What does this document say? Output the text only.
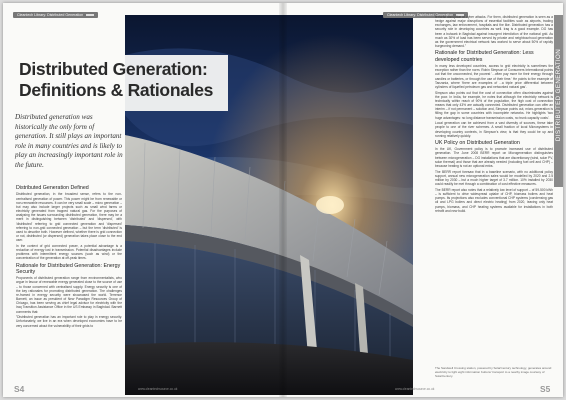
Cleantech Library: Distributed Generation	Cleantech Library: Distributed Generation
Distributed Generation: Definitions & Rationales

Distributed generation was historically the only form of generation. It still plays an important role in many countries and is likely to play an increasingly important role in the future.

Distributed Generation Defined

Distributed generation, in the broadest sense, refers to the non-centralised generation of power. This power might be from renewable or non-renewable resources. It can be very small scale – micro generation – but may also include larger projects such as small wind farms or electricity generated from trapped natural gas. For the purposes of analysing the issues surrounding distributed generation, there may be a merit in distinguishing between 'distributed' and 'dispersed', with 'distributed' referring to grid connected generation and 'dispersed' referring to non-grid connected generation – but the term 'distributed' is used to describe both. However defined, whether there is grid connection or not, distributed (or dispersed) generation takes place close to the end user.

In the context of grid connected power, a potential advantage is a reduction of energy lost in transmission. Potential disadvantages include problems with intermittent energy sources (such as wind) or the concentration of the generation at off-peak times.

Rationale for Distributed Generation: Energy Security

Proponents of distributed generation range from environmentalists, who argue in favour of renewable energy generated close to the source of use – to those concerned with centralised supply. Energy security is one of the key rationales for promoting distributed generation. The challenges re-framed in energy security were showcased the world. Terrence Barnett, an issue as president of New Paradigm Resources Group of Chicago, has been serving as chief legal advisor for electricity with the Iraq Transition Assistance Office in the US Embassy in Baghdad. Barnett comments that:

"Distributed generation has an important role to play in energy security. Unfortunately, we live in an era when developed economies have to be very concerned about the vulnerability of their grids to

terrorist disruption or cyber attacks. For them, distributed generation is seen as a hedge against major disruptions of essential facilities such as airports, trading exchanges, law enforcement, hospitals and the like. Distributed generation has a security role in developing countries as well. Iraq is a good example. DG has been a bulwark in Baghdad against insurgent interdiction of the national grid. As much as 30% of load has been served by private and neighbourhood generation as the government electrical network has worked to serve about 50% of rapidly burgeoning demand."

Rationale for Distributed Generation: Less developed countries

In many less developed countries, access to grid electricity is sometimes the exception rather than the norm. Robin Simpson of Consumers International points out that the unconnected, the poorest '...often pay more for their energy through candles or batteries, or through the use of their time.' He points to the example of Tanzania, where 'there are examples of ...a triple price differential between cylinders of liquefied petroleum gas and networked natural gas'.

Simpson also points out that the cost of connection often discriminates against the poor. In India, for example, he notes that although the electricity network is technically within reach of 90% of the population, the high cost of connection means that only 43% are actually connected. Distributed generation can offer an interim – if not permanent – solution and, Simpson points out, micro-generation is filling the gap in some countries with incomplete networks. He highlights 'two huge advantages: no long distance transmission costs, no trunk capacity costs'.

Local generation can be achieved from a vast diversity of sources, these take people to one of the river schemes. A small fraction of local Microsystems in developing country contexts, in Simpson's view, is that they could be up and running relatively quickly.

UK Policy on Distributed Generation

In the UK, Government policy is to promote increased use of distributed generation. The June 2008 BERR report on Microgeneration distinguishes between microgeneration – DG installations that are discretionary (wind, solar PV, solar thermal) and those that are already needed (including fuel cell and CHP) – because heating is not an optional extra.

The BERR report foresaw that in a baseline scenario, with no additional policy support, annual new microgeneration sales would be modelled by 2020 and 2.5 million by 2030 – but a much higher target of 3.7 million. 10% installed by 2030 could readily be met through a combination of cost effective measures.

The BERR report also notes that a relatively low level of support – of 59-500 kWh – is sufficient to drive widespread uptake of CHP, biomass boilers and heat pumps. Its projections also excludes conventional CHP systems (condensing gas oil and LPG boilers and direct electric heating) from 2020, leaving only heat pumps, biomass, and CHP heating systems available for installations in both retrofit and new build.

The Sandwell Crossing station, powered by SolarCentury technology, generates around electricity to light eight information buttons' transport to a nearby image courtesy of SolarCentury.

DISTRIBUTED GENERATION
S4	S5
www.cleantechsource.co.uk	www.cleantechsource.co.uk
